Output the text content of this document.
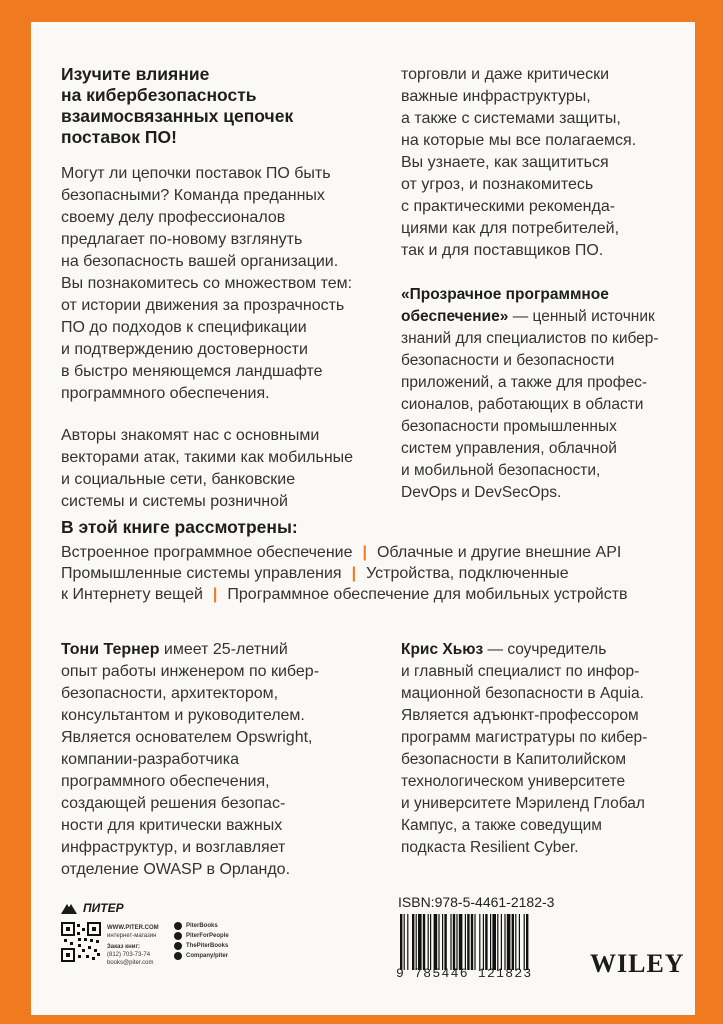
Изучите влияние
на кибербезопасность
взаимосвязанных цепочек
поставок ПО!
Могут ли цепочки поставок ПО быть
безопасными? Команда преданных
своему делу профессионалов
предлагает по-новому взглянуть
на безопасность вашей организации.
Вы познакомитесь со множеством тем:
от истории движения за прозрачность
ПО до подходов к спецификации
и подтверждению достоверности
в быстро меняющемся ландшафте
программного обеспечения.
Авторы знакомят нас с основными
векторами атак, такими как мобильные
и социальные сети, банковские
системы и системы розничной
торговли и даже критически
важные инфраструктуры,
а также с системами защиты,
на которые мы все полагаемся.
Вы узнаете, как защититься
от угроз, и познакомитесь
с практическими рекоменда-
циями как для потребителей,
так и для поставщиков ПО.
«Прозрачное программное
обеспечение» — ценный источник
знаний для специалистов по кибер-
безопасности и безопасности
приложений, а также для профес-
сионалов, работающих в области
безопасности промышленных
систем управления, облачной
и мобильной безопасности,
DevOps и DevSecOps.
В этой книге рассмотрены:
Встроенное программное обеспечение | Облачные и другие внешние API
Промышленные системы управления | Устройства, подключенные
к Интернету вещей | Программное обеспечение для мобильных устройств
Тони Тернер имеет 25-летний
опыт работы инженером по кибер-
безопасности, архитектором,
консультантом и руководителем.
Является основателем Opswright,
компании-разработчика
программного обеспечения,
создающей решения безопас-
ности для критически важных
инфраструктур, и возглавляет
отделение OWASP в Орландо.
Крис Хьюз — соучредитель
и главный специалист по инфор-
мационной безопасности в Aquia.
Является адъюнкт-профессором
программ магистратуры по кибер-
безопасности в Капитолийском
технологическом университете
и университете Мэриленд Глобал
Кампус, а также соведущим
подкаста Resilient Cyber.
ПИТЕР
WWW.PITER.COM
интернет-магазин
Заказ книг:
(812) 703-73-74
books@piter.com
PiterBooks
PiterForPeople
ThePiterBooks
Company/piter
ISBN:978-5-4461-2182-3
9 785446 121823	WILEY
